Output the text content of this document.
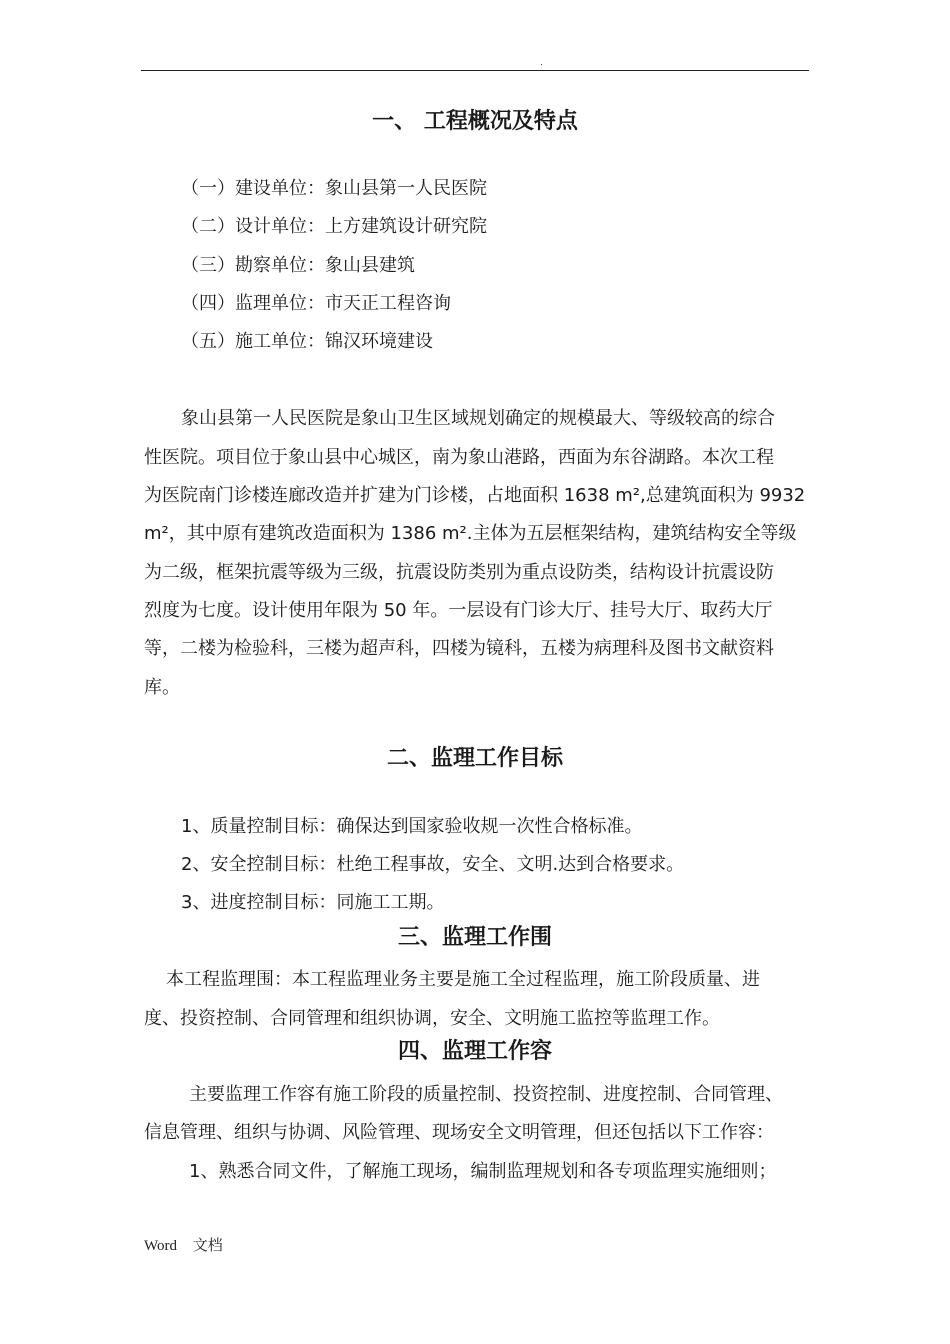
.
一、 工程概况及特点
（一）建设单位：象山县第一人民医院
（二）设计单位：上方建筑设计研究院
（三）勘察单位：象山县建筑
（四）监理单位：市天正工程咨询
（五）施工单位：锦汉环境建设
象山县第一人民医院是象山卫生区域规划确定的规模最大、等级较高的综合
性医院。项目位于象山县中心城区，南为象山港路，西面为东谷湖路。本次工程
为医院南门诊楼连廊改造并扩建为门诊楼，占地面积 1638 m²,总建筑面积为 9932
m²，其中原有建筑改造面积为 1386 m².主体为五层框架结构，建筑结构安全等级
为二级，框架抗震等级为三级，抗震设防类别为重点设防类，结构设计抗震设防
烈度为七度。设计使用年限为 50 年。一层设有门诊大厅、挂号大厅、取药大厅
等，二楼为检验科，三楼为超声科，四楼为镜科，五楼为病理科及图书文献资料
库。
二、监理工作目标
1、质量控制目标：确保达到国家验收规一次性合格标准。
2、安全控制目标：杜绝工程事故，安全、文明.达到合格要求。
3、进度控制目标：同施工工期。
三、监理工作围
本工程监理围：本工程监理业务主要是施工全过程监理，施工阶段质量、进
度、投资控制、合同管理和组织协调，安全、文明施工监控等监理工作。
四、监理工作容
主要监理工作容有施工阶段的质量控制、投资控制、进度控制、合同管理、
信息管理、组织与协调、风险管理、现场安全文明管理，但还包括以下工作容：
1、熟悉合同文件，了解施工现场，编制监理规划和各专项监理实施细则；
Word 文档
